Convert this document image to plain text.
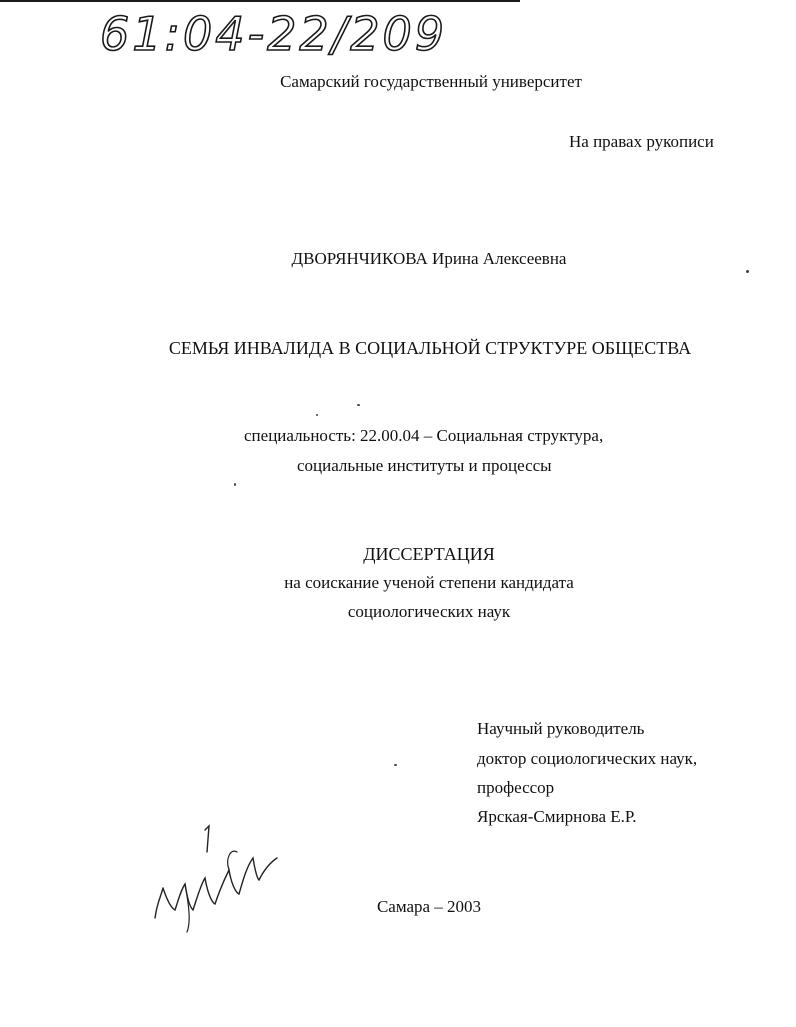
61:04-22/209
Самарский государственный университет
На правах рукописи
ДВОРЯНЧИКОВА Ирина Алексеевна
СЕМЬЯ ИНВАЛИДА В СОЦИАЛЬНОЙ СТРУКТУРЕ ОБЩЕСТВА
специальность: 22.00.04 – Социальная структура,
социальные институты и процессы
ДИССЕРТАЦИЯ
на соискание ученой степени кандидата
социологических наук
Научный руководитель
доктор социологических наук,
профессор
Ярская-Смирнова Е.Р.
Самара – 2003
